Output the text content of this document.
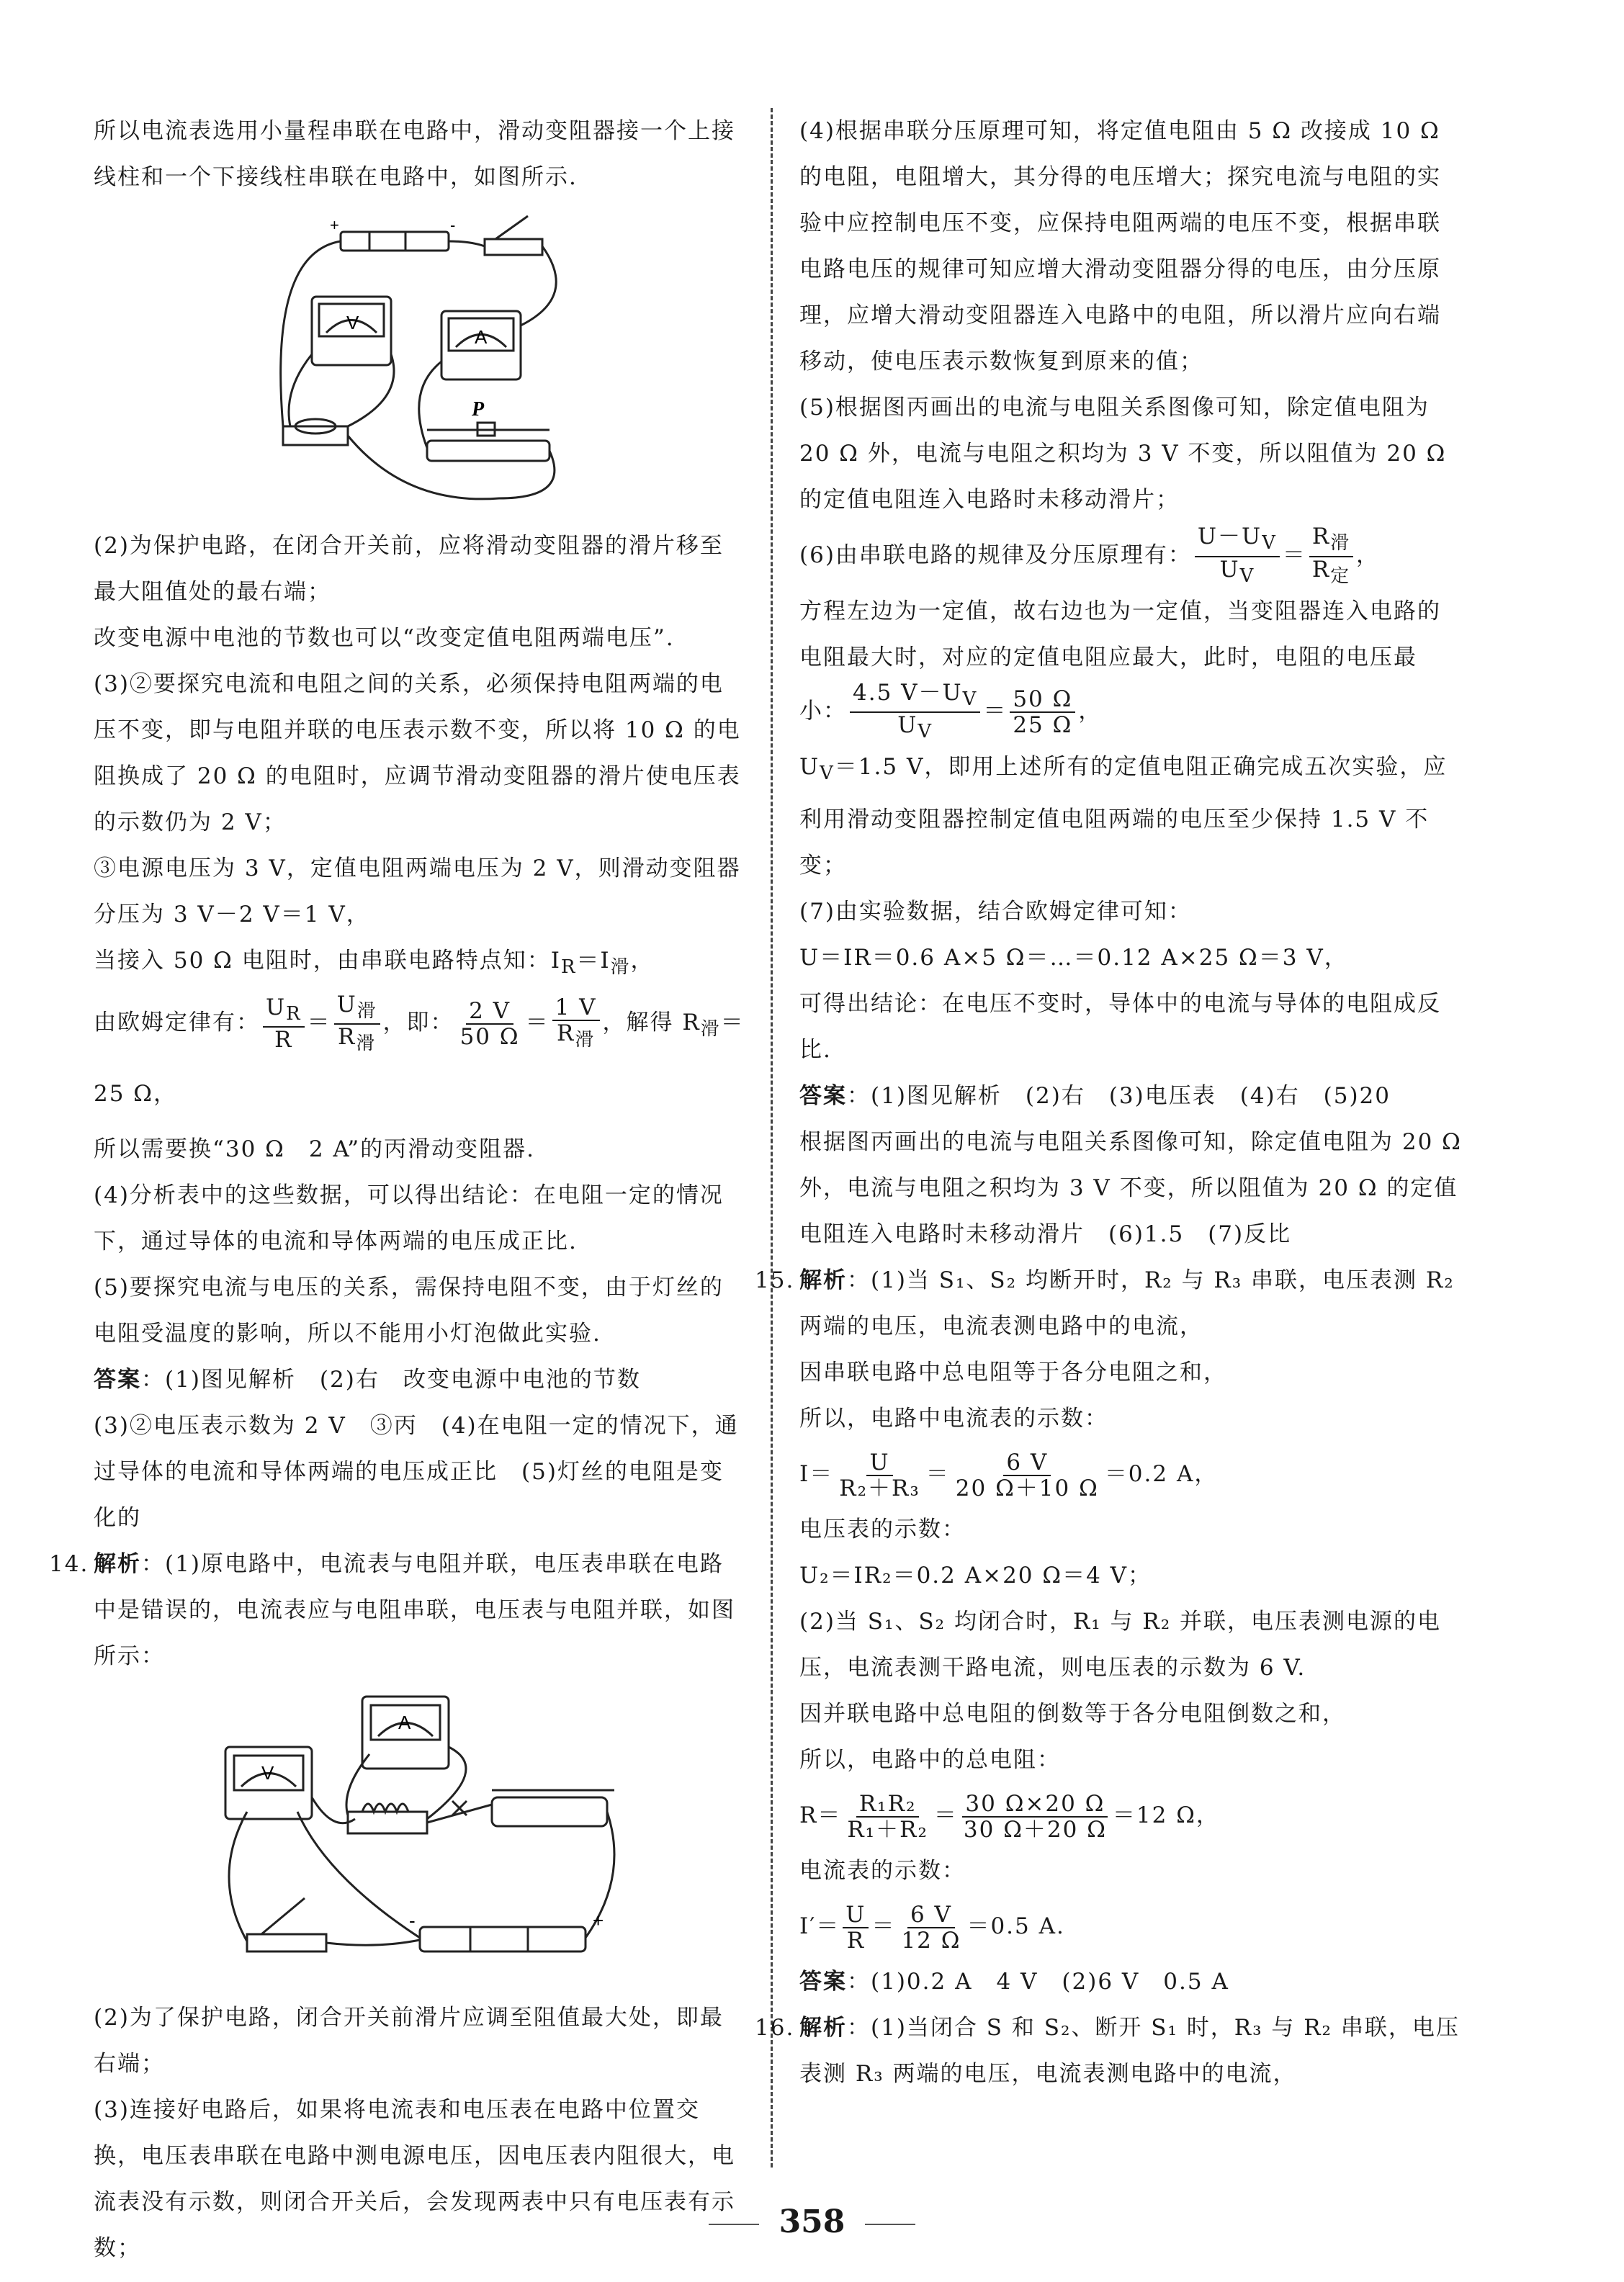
所以电流表选用小量程串联在电路中，滑动变阻器接一个上接线柱和一个下接线柱串联在电路中，如图所示.

V
A
P
+	-

(2)为保护电路，在闭合开关前，应将滑动变阻器的滑片移至最大阻值处的最右端；

改变电源中电池的节数也可以“改变定值电阻两端电压”.

(3)②要探究电流和电阻之间的关系，必须保持电阻两端的电压不变，即与电阻并联的电压表示数不变，所以将 10 Ω 的电阻换成了 20 Ω 的电阻时，应调节滑动变阻器的滑片使电压表的示数仍为 2 V；

③电源电压为 3 V，定值电阻两端电压为 2 V，则滑动变阻器分压为 3 V－2 V＝1 V，

当接入 50 Ω 电阻时，由串联电路特点知：$I_R=I_滑$，

由欧姆定律有： $\frac{U_R}{R} = \frac{U_滑}{R_滑}$ ，即： $\frac{2 V}{50 \Omega} = \frac{1 V}{R_滑}$ ，解得 $R_滑=25$ Ω，

所以需要换“30 Ω　2 A”的丙滑动变阻器.

(4)分析表中的这些数据，可以得出结论：在电阻一定的情况下，通过导体的电流和导体两端的电压成正比.

(5)要探究电流与电压的关系，需保持电阻不变，由于灯丝的电阻受温度的影响，所以不能用小灯泡做此实验.

答案：(1)图见解析　(2)右　改变电源中电池的节数

(3)②电压表示数为 2 V　③丙　(4)在电阻一定的情况下，通过导体的电流和导体两端的电压成正比　(5)灯丝的电阻是变化的

14. 解析：(1)原电路中，电流表与电阻并联，电压表串联在电路中是错误的，电流表应与电阻串联，电压表与电阻并联，如图所示：

V
A
+
-

(2)为了保护电路，闭合开关前滑片应调至阻值最大处，即最右端；

(3)连接好电路后，如果将电流表和电压表在电路中位置交换，电压表串联在电路中测电源电压，因电压表内阻很大，电流表没有示数，则闭合开关后，会发现两表中只有电压表有示数；

(4)根据串联分压原理可知，将定值电阻由 5 Ω 改接成 10 Ω 的电阻，电阻增大，其分得的电压增大；探究电流与电阻的实验中应控制电压不变，应保持电阻两端的电压不变，根据串联电路电压的规律可知应增大滑动变阻器分得的电压，由分压原理，应增大滑动变阻器连入电路中的电阻，所以滑片应向右端移动，使电压表示数恢复到原来的值；

(5)根据图丙画出的电流与电阻关系图像可知，除定值电阻为 20 Ω 外，电流与电阻之积均为 3 V 不变，所以阻值为 20 Ω 的定值电阻连入电路时未移动滑片；

(6)由串联电路的规律及分压原理有： $\frac{U-U_V}{U_V} = \frac{R_滑}{R_定}$ ，

方程左边为一定值，故右边也为一定值，当变阻器连入电路的电阻最大时，对应的定值电阻应最大，此时，电阻的电压最小： $\frac{4.5 V-U_V}{U_V} = \frac{50 \Omega}{25 \Omega}$ ，

$U_V=1.5$ V，即用上述所有的定值电阻正确完成五次实验，应利用滑动变阻器控制定值电阻两端的电压至少保持 1.5 V 不变；

(7)由实验数据，结合欧姆定律可知：

U＝IR＝0.6 A×5 Ω＝…＝0.12 A×25 Ω＝3 V，

可得出结论：在电压不变时，导体中的电流与导体的电阻成反比.

答案：(1)图见解析　(2)右　(3)电压表　(4)右　(5)20

根据图丙画出的电流与电阻关系图像可知，除定值电阻为 20 Ω 外，电流与电阻之积均为 3 V 不变，所以阻值为 20 Ω 的定值电阻连入电路时未移动滑片　(6)1.5　(7)反比

15. 解析：(1)当 S₁、S₂ 均断开时，R₂ 与 R₃ 串联，电压表测 R₂ 两端的电压，电流表测电路中的电流，

因串联电路中总电阻等于各分电阻之和，

所以，电路中电流表的示数：

$I= \frac{U}{\text{R₂＋R₃}} = \frac{6 V}{20 \Omega+10 \Omega} =0.2$ A，

电压表的示数：

U₂＝IR₂＝0.2 A×20 Ω＝4 V；

(2)当 S₁、S₂ 均闭合时，R₁ 与 R₂ 并联，电压表测电源的电压，电流表测干路电流，则电压表的示数为 6 V.

因并联电路中总电阻的倒数等于各分电阻倒数之和，

所以，电路中的总电阻：

$R= \frac{\text{R₁R₂}}{\text{R₁＋R₂}} = \frac{30 \Omega\times 20 \Omega}{30 \Omega+20 \Omega} =12$ Ω，

电流表的示数：

$I'= \frac{U}{R} = \frac{6 V}{12 \Omega} =0.5$ A.

答案：(1)0.2 A　4 V　(2)6 V　0.5 A

16. 解析：(1)当闭合 S 和 S₂、断开 S₁ 时，R₃ 与 R₂ 串联，电压表测 R₃ 两端的电压，电流表测电路中的电流，

358
